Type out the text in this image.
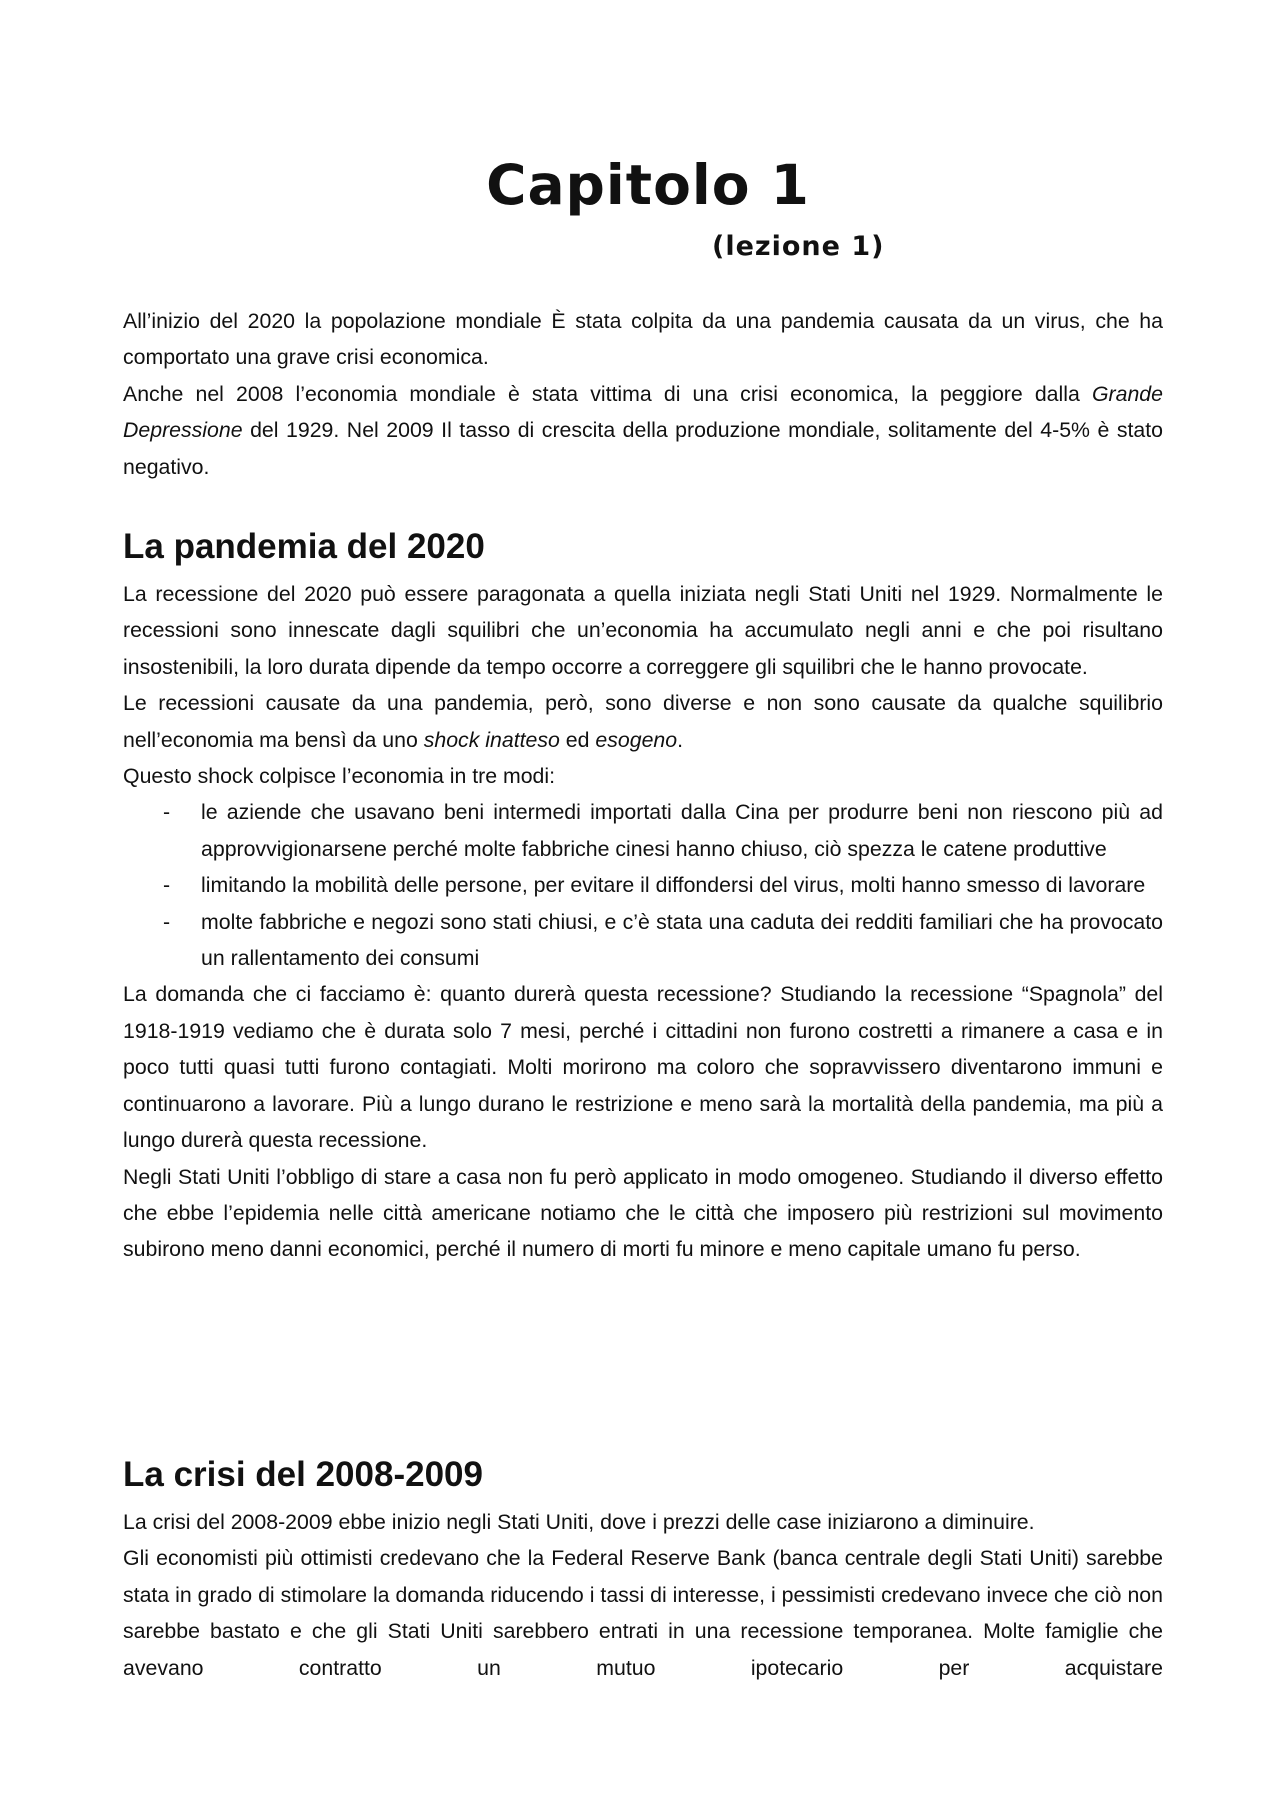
Capitolo 1
(lezione 1)

All’inizio del 2020 la popolazione mondiale È stata colpita da una pandemia causata da un virus, che ha comportato una grave crisi economica.

Anche nel 2008 l’economia mondiale è stata vittima di una crisi economica, la peggiore dalla Grande Depressione del 1929. Nel 2009 Il tasso di crescita della produzione mondiale, solitamente del 4-5% è stato negativo.

La pandemia del 2020

La recessione del 2020 può essere paragonata a quella iniziata negli Stati Uniti nel 1929. Normalmente le recessioni sono innescate dagli squilibri che un’economia ha accumulato negli anni e che poi risultano insostenibili, la loro durata dipende da tempo occorre a correggere gli squilibri che le hanno provocate.

Le recessioni causate da una pandemia, però, sono diverse e non sono causate da qualche squilibrio nell’economia ma bensì da uno shock inatteso ed esogeno.

Questo shock colpisce l’economia in tre modi:

- le aziende che usavano beni intermedi importati dalla Cina per produrre beni non riescono più ad approvvigionarsene perché molte fabbriche cinesi hanno chiuso, ciò spezza le catene produttive
- limitando la mobilità delle persone, per evitare il diffondersi del virus, molti hanno smesso di lavorare
- molte fabbriche e negozi sono stati chiusi, e c’è stata una caduta dei redditi familiari che ha provocato un rallentamento dei consumi

La domanda che ci facciamo è: quanto durerà questa recessione? Studiando la recessione “Spagnola” del 1918-1919 vediamo che è durata solo 7 mesi, perché i cittadini non furono costretti a rimanere a casa e in poco tutti quasi tutti furono contagiati. Molti morirono ma coloro che sopravvissero diventarono immuni e continuarono a lavorare. Più a lungo durano le restrizione e meno sarà la mortalità della pandemia, ma più a lungo durerà questa recessione.

Negli Stati Uniti l’obbligo di stare a casa non fu però applicato in modo omogeneo. Studiando il diverso effetto che ebbe l’epidemia nelle città americane notiamo che le città che imposero più restrizioni sul movimento subirono meno danni economici, perché il numero di morti fu minore e meno capitale umano fu perso.

La crisi del 2008-2009

La crisi del 2008-2009 ebbe inizio negli Stati Uniti, dove i prezzi delle case iniziarono a diminuire.

Gli economisti più ottimisti credevano che la Federal Reserve Bank (banca centrale degli Stati Uniti) sarebbe stata in grado di stimolare la domanda riducendo i tassi di interesse, i pessimisti credevano invece che ciò non sarebbe bastato e che gli Stati Uniti sarebbero entrati in una recessione temporanea. Molte famiglie che avevano contratto un mutuo ipotecario per acquistare
